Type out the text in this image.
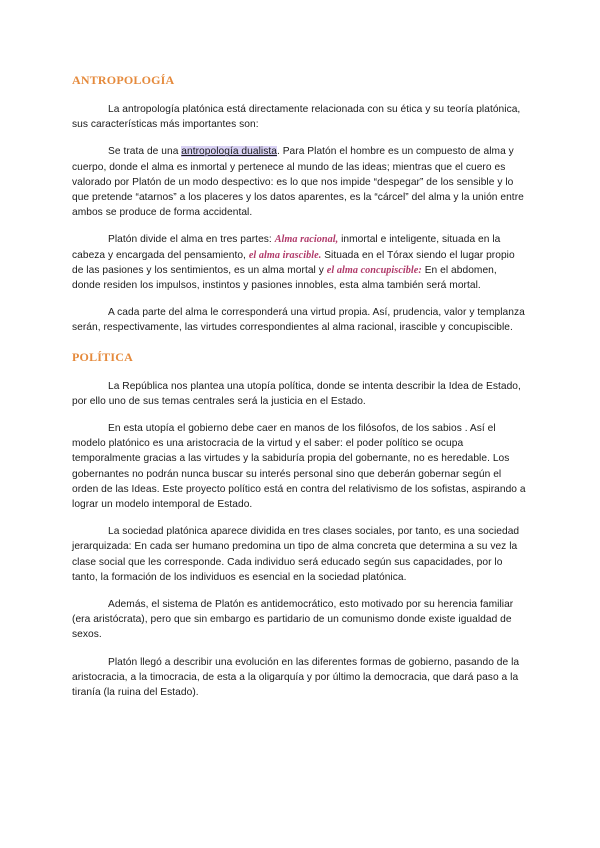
ANTROPOLOGÍA

La antropología platónica está directamente relacionada con su ética y su teoría platónica, sus características más importantes son:

Se trata de una antropología dualista. Para Platón el hombre es un compuesto de alma y cuerpo, donde el alma es inmortal y pertenece al mundo de las ideas; mientras que el cuero es valorado por Platón de un modo despectivo: es lo que nos impide “despegar” de los sensible y lo que pretende “atarnos” a los placeres y los datos aparentes, es la “cárcel” del alma y la unión entre ambos se produce de forma accidental.

Platón divide el alma en tres partes: Alma racional, inmortal e inteligente, situada en la cabeza y encargada del pensamiento, el alma irascible. Situada en el Tórax siendo el lugar propio de las pasiones y los sentimientos, es un alma mortal y el alma concupiscible: En el abdomen, donde residen los impulsos, instintos y pasiones innobles, esta alma también será mortal.

A cada parte del alma le corresponderá una virtud propia. Así, prudencia, valor y templanza serán, respectivamente, las virtudes correspondientes al alma racional, irascible y concupiscible.

POLÍTICA

La República nos plantea una utopía política, donde se intenta describir la Idea de Estado, por ello uno de sus temas centrales será la justicia en el Estado.

En esta utopía el gobierno debe caer en manos de los filósofos, de los sabios . Así el modelo platónico es una aristocracia de la virtud y el saber: el poder político se ocupa temporalmente gracias a las virtudes y la sabiduría propia del gobernante, no es heredable. Los gobernantes no podrán nunca buscar su interés personal sino que deberán gobernar según el orden de las Ideas. Este proyecto político está en contra del relativismo de los sofistas, aspirando a lograr un modelo intemporal de Estado.

La sociedad platónica aparece dividida en tres clases sociales, por tanto, es una sociedad jerarquizada: En cada ser humano predomina un tipo de alma concreta que determina a su vez la clase social que les corresponde. Cada individuo será educado según sus capacidades, por lo tanto, la formación de los individuos es esencial en la sociedad platónica.

Además, el sistema de Platón es antidemocrático, esto motivado por su herencia familiar (era aristócrata), pero que sin embargo es partidario de un comunismo donde existe igualdad de sexos.

Platón llegó a describir una evolución en las diferentes formas de gobierno, pasando de la aristocracia, a la timocracia, de esta a la oligarquía y por último la democracia, que dará paso a la tiranía (la ruina del Estado).
